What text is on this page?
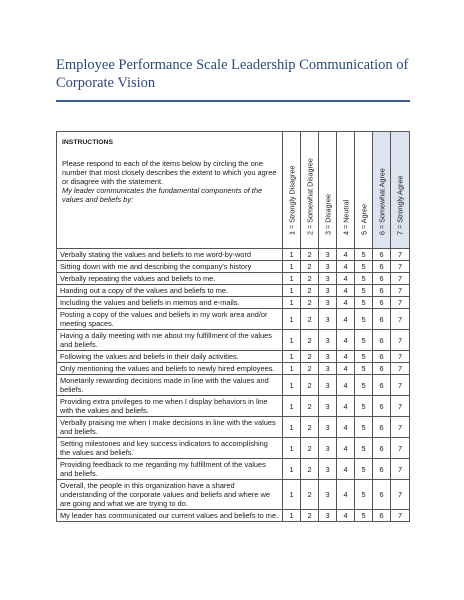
Employee Performance Scale Leadership Communication of Corporate Vision
INSTRUCTIONS
Please respond to each of the items below by circling the one number that most closely describes the extent to which you agree or disagree with the statement.
My leader communicates the fundamental components of the values and beliefs by:	1 = Strongly Disagree	2 = Somewhat Disagree	3 = Disagree	4 = Neutral	5 = Agree	6 = Somewhat Agree	7 = Strongly Agree

Verbally stating the values and beliefs to me word-by-word	1	2	3	4	5	6	7
Sitting down with me and describing the company’s history	1	2	3	4	5	6	7
Verbally repeating the values and beliefs to me.	1	2	3	4	5	6	7
Handing out a copy of the values and beliefs to me.	1	2	3	4	5	6	7
Including the values and beliefs in memos and e-mails.	1	2	3	4	5	6	7
Posting a copy of the values and beliefs in my work area and/or meeting spaces.	1	2	3	4	5	6	7
Having a daily meeting with me about my fulfillment of the values and beliefs.	1	2	3	4	5	6	7
Following the values and beliefs in their daily activities.	1	2	3	4	5	6	7
Only mentioning the values and beliefs to newly hired employees.	1	2	3	4	5	6	7
Monetarily rewarding decisions made in line with the values and beliefs.	1	2	3	4	5	6	7
Providing extra privileges to me when I display behaviors in line with the values and beliefs.	1	2	3	4	5	6	7
Verbally praising me when I make decisions in line with the values and beliefs.	1	2	3	4	5	6	7
Setting milestones and key success indicators to accomplishing the values and beliefs.	1	2	3	4	5	6	7
Providing feedback to me regarding my fulfillment of the values and beliefs.	1	2	3	4	5	6	7
Overall, the people in this organization have a shared understanding of the corporate values and beliefs and where we are going and what we are trying to do.	1	2	3	4	5	6	7
My leader has communicated our current values and beliefs to me.	1	2	3	4	5	6	7
